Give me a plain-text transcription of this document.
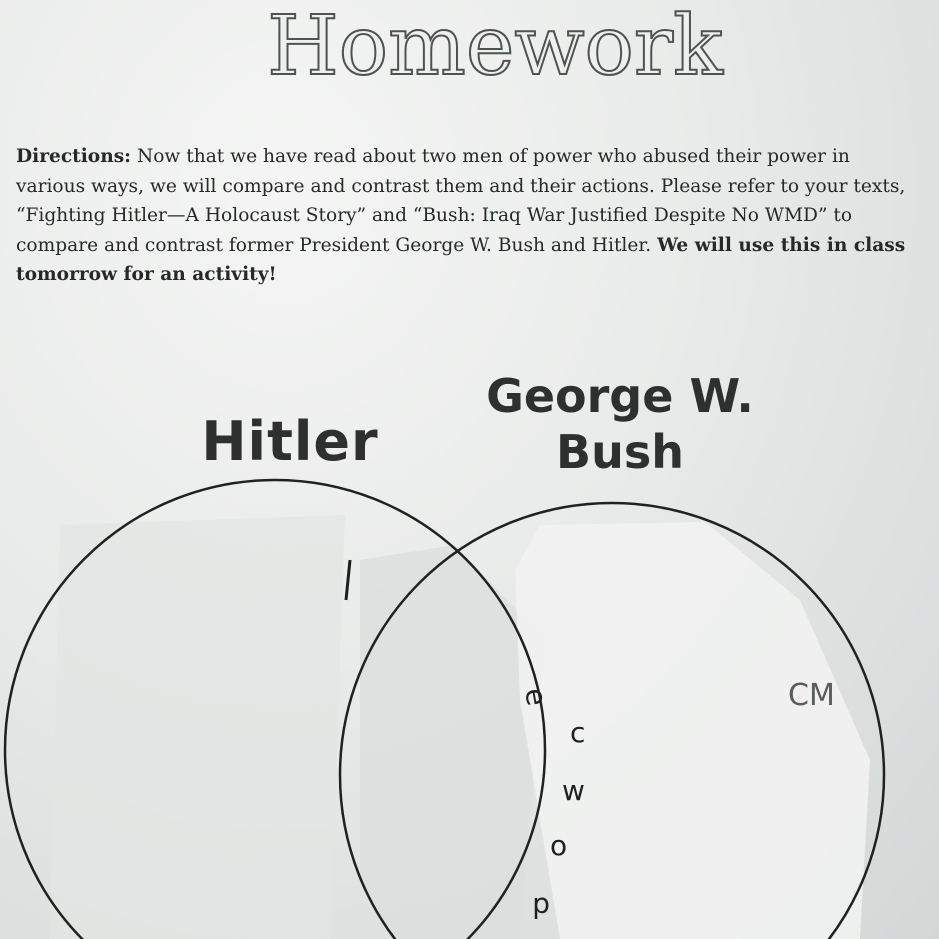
Homework

Directions: Now that we have read about two men of power who abused their power in various ways, we will compare and contrast them and their actions. Please refer to your texts, “Fighting Hitler—A Holocaust Story” and “Bush: Iraq War Justified Despite No WMD” to compare and contrast former President George W. Bush and Hitler. We will use this in class tomorrow for an activity!

e
c
w
o
d
CM
Hitler
George W.
Bush
